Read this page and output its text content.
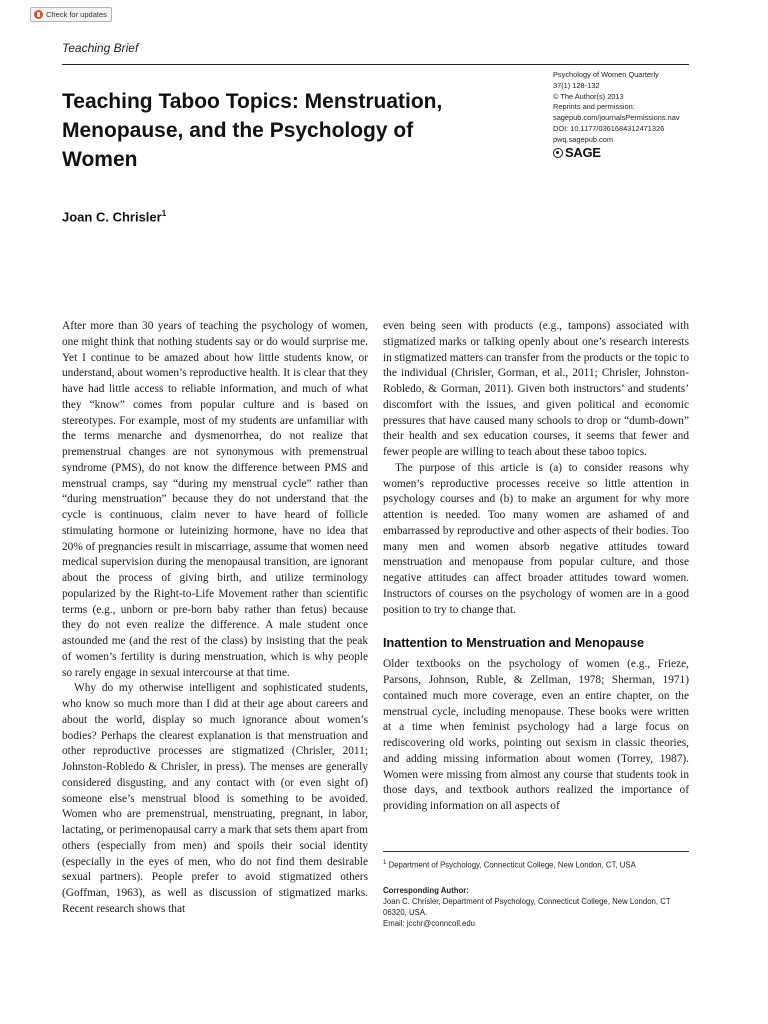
Check for updates

Teaching Brief

Teaching Taboo Topics: Menstruation, Menopause, and the Psychology of Women
Psychology of Women Quarterly
37(1) 128-132
© The Author(s) 2013
Reprints and permission:
sagepub.com/journalsPermissions.nav
DOI: 10.1177/0361684312471326
pwq.sagepub.com
SAGE

Joan C. Chrisler$^1$

After more than 30 years of teaching the psychology of women, one might think that nothing students say or do would surprise me. Yet I continue to be amazed about how little students know, or understand, about women’s reproductive health. It is clear that they have had little access to reliable information, and much of what they “know” comes from popular culture and is based on stereotypes. For example, most of my students are unfamiliar with the terms menarche and dysmenorrhea, do not realize that premenstrual changes are not synonymous with premenstrual syndrome (PMS), do not know the difference between PMS and menstrual cramps, say “during my menstrual cycle” rather than “during menstruation” because they do not understand that the cycle is continuous, claim never to have heard of follicle stimulating hormone or luteinizing hormone, have no idea that 20% of pregnancies result in miscarriage, assume that women need medical supervision during the menopausal transition, are ignorant about the process of giving birth, and utilize terminology popularized by the Right-to-Life Movement rather than scientific terms (e.g., unborn or pre-born baby rather than fetus) because they do not even realize the difference. A male student once astounded me (and the rest of the class) by insisting that the peak of women’s fertility is during menstruation, which is why people so rarely engage in sexual intercourse at that time.

Why do my otherwise intelligent and sophisticated students, who know so much more than I did at their age about careers and about the world, display so much ignorance about women’s bodies? Perhaps the clearest explanation is that menstruation and other reproductive processes are stigmatized (Chrisler, 2011; Johnston-Robledo & Chrisler, in press). The menses are generally considered disgusting, and any contact with (or even sight of) someone else’s menstrual blood is something to be avoided. Women who are premenstrual, menstruating, pregnant, in labor, lactating, or perimenopausal carry a mark that sets them apart from others (especially from men) and spoils their social identity (especially in the eyes of men, who do not find them desirable sexual partners). People prefer to avoid stigmatized others (Goffman, 1963), as well as discussion of stigmatized marks. Recent research shows that

even being seen with products (e.g., tampons) associated with stigmatized marks or talking openly about one’s research interests in stigmatized matters can transfer from the products or the topic to the individual (Chrisler, Gorman, et al., 2011; Chrisler, Johnston-Robledo, & Gorman, 2011). Given both instructors’ and students’ discomfort with the issues, and given political and economic pressures that have caused many schools to drop or “dumb-down” their health and sex education courses, it seems that fewer and fewer people are willing to teach about these taboo topics.

The purpose of this article is (a) to consider reasons why women’s reproductive processes receive so little attention in psychology courses and (b) to make an argument for why more attention is needed. Too many women are ashamed of and embarrassed by reproductive and other aspects of their bodies. Too many men and women absorb negative attitudes toward menstruation and menopause from popular culture, and those negative attitudes can affect broader attitudes toward women. Instructors of courses on the psychology of women are in a good position to try to change that.

Inattention to Menstruation and Menopause

Older textbooks on the psychology of women (e.g., Frieze, Parsons, Johnson, Ruble, & Zellman, 1978; Sherman, 1971) contained much more coverage, even an entire chapter, on the menstrual cycle, including menopause. These books were written at a time when feminist psychology had a large focus on rediscovering old works, pointing out sexism in classic theories, and adding missing information about women (Torrey, 1987). Women were missing from almost any course that students took in those days, and textbook authors realized the importance of providing information on all aspects of

$^1$ Department of Psychology, Connecticut College, New London, CT, USA

Corresponding Author:

Joan C. Chrisler, Department of Psychology, Connecticut College, New London, CT 06320, USA.

Email: jcchr@conncoll.edu
